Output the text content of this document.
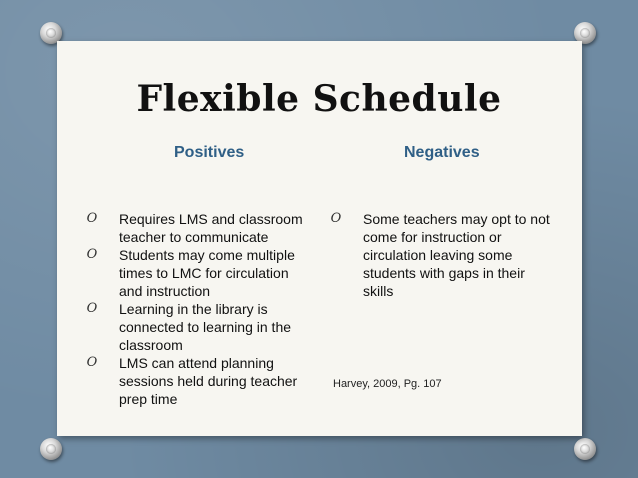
Flexible Schedule
Positives	Negatives
O Requires LMS and classroom teacher to communicate
O Students may come multiple times to LMC for circulation and instruction
O Learning in the library is connected to learning in the classroom
O LMS can attend planning sessions held during teacher prep time
O Some teachers may opt to not come for instruction or circulation leaving some students with gaps in their skills
Harvey, 2009, Pg. 107
